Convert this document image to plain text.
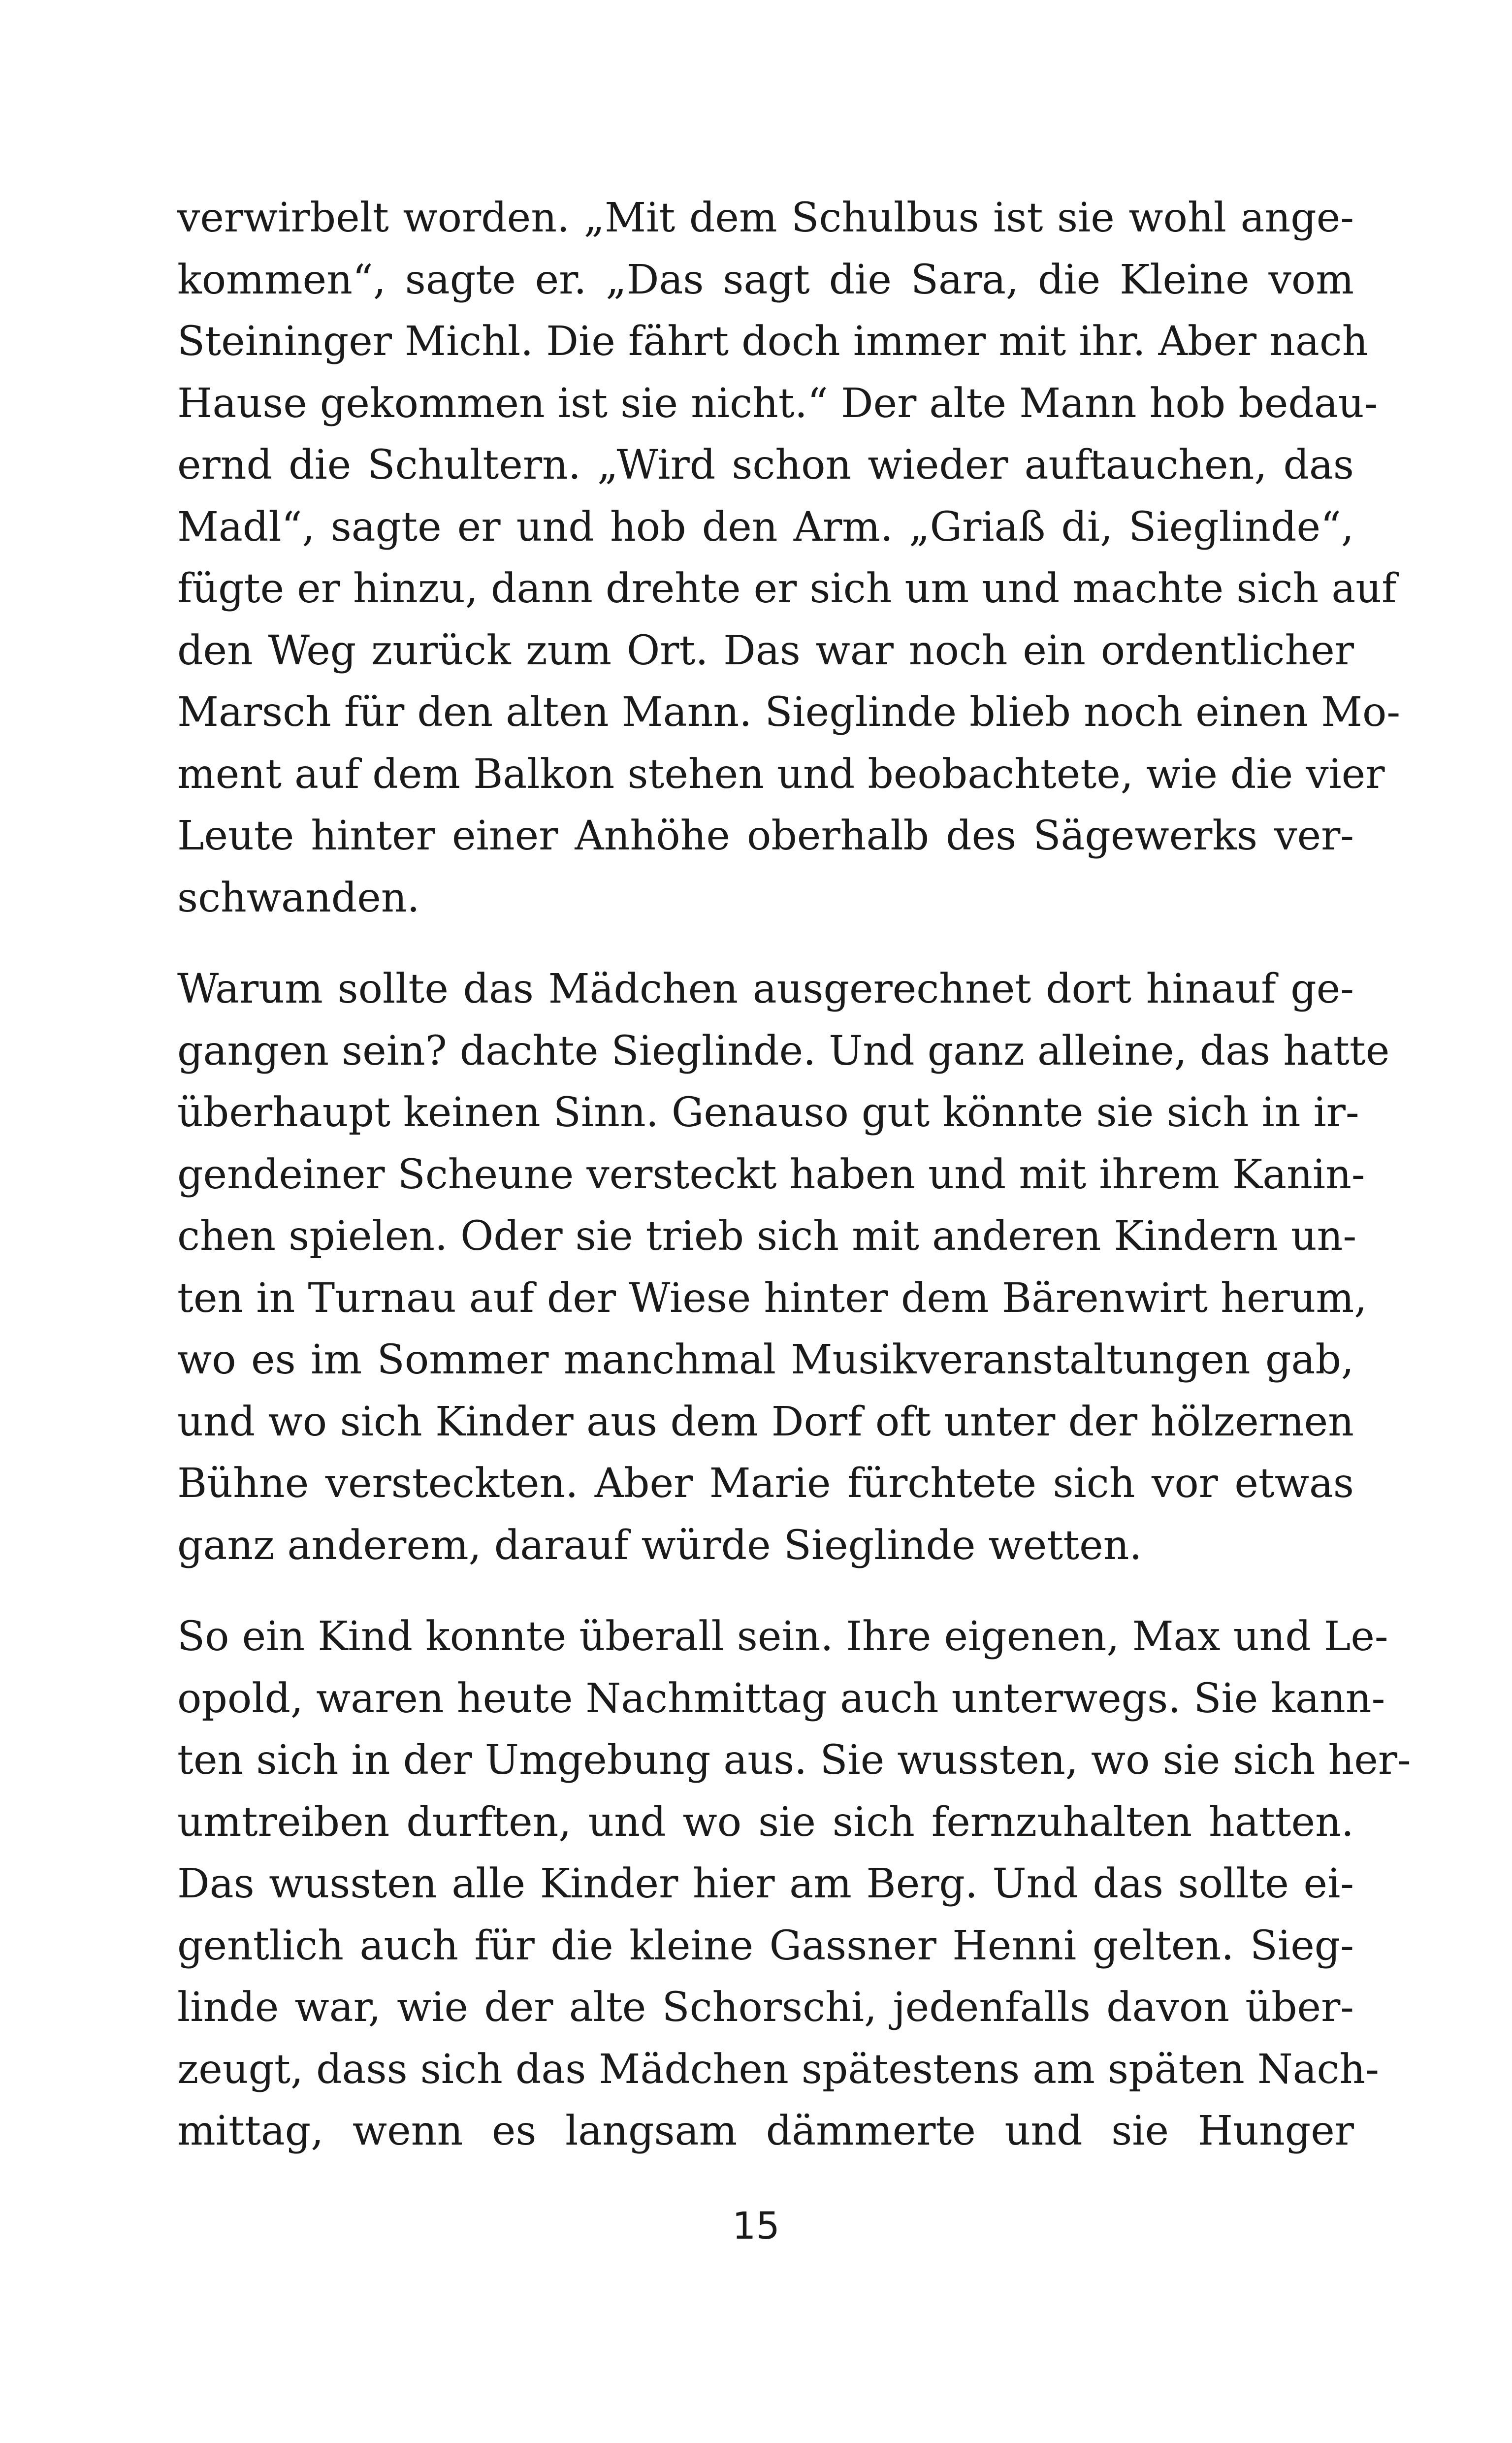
verwirbelt worden. „Mit dem Schulbus ist sie wohl ange-
kommen“, sagte er. „Das sagt die Sara, die Kleine vom
Steininger Michl. Die fährt doch immer mit ihr. Aber nach
Hause gekommen ist sie nicht.“ Der alte Mann hob bedau-
ernd die Schultern. „Wird schon wieder auftauchen, das
Madl“, sagte er und hob den Arm. „Griaß di, Sieglinde“,
fügte er hinzu, dann drehte er sich um und machte sich auf
den Weg zurück zum Ort. Das war noch ein ordentlicher
Marsch für den alten Mann. Sieglinde blieb noch einen Mo-
ment auf dem Balkon stehen und beobachtete, wie die vier
Leute hinter einer Anhöhe oberhalb des Sägewerks ver-
schwanden.
Warum sollte das Mädchen ausgerechnet dort hinauf ge-
gangen sein? dachte Sieglinde. Und ganz alleine, das hatte
überhaupt keinen Sinn. Genauso gut könnte sie sich in ir-
gendeiner Scheune versteckt haben und mit ihrem Kanin-
chen spielen. Oder sie trieb sich mit anderen Kindern un-
ten in Turnau auf der Wiese hinter dem Bärenwirt herum,
wo es im Sommer manchmal Musikveranstaltungen gab,
und wo sich Kinder aus dem Dorf oft unter der hölzernen
Bühne versteckten. Aber Marie fürchtete sich vor etwas
ganz anderem, darauf würde Sieglinde wetten.
So ein Kind konnte überall sein. Ihre eigenen, Max und Le-
opold, waren heute Nachmittag auch unterwegs. Sie kann-
ten sich in der Umgebung aus. Sie wussten, wo sie sich her-
umtreiben durften, und wo sie sich fernzuhalten hatten.
Das wussten alle Kinder hier am Berg. Und das sollte ei-
gentlich auch für die kleine Gassner Henni gelten. Sieg-
linde war, wie der alte Schorschi, jedenfalls davon über-
zeugt, dass sich das Mädchen spätestens am späten Nach-
mittag, wenn es langsam dämmerte und sie Hunger
15
